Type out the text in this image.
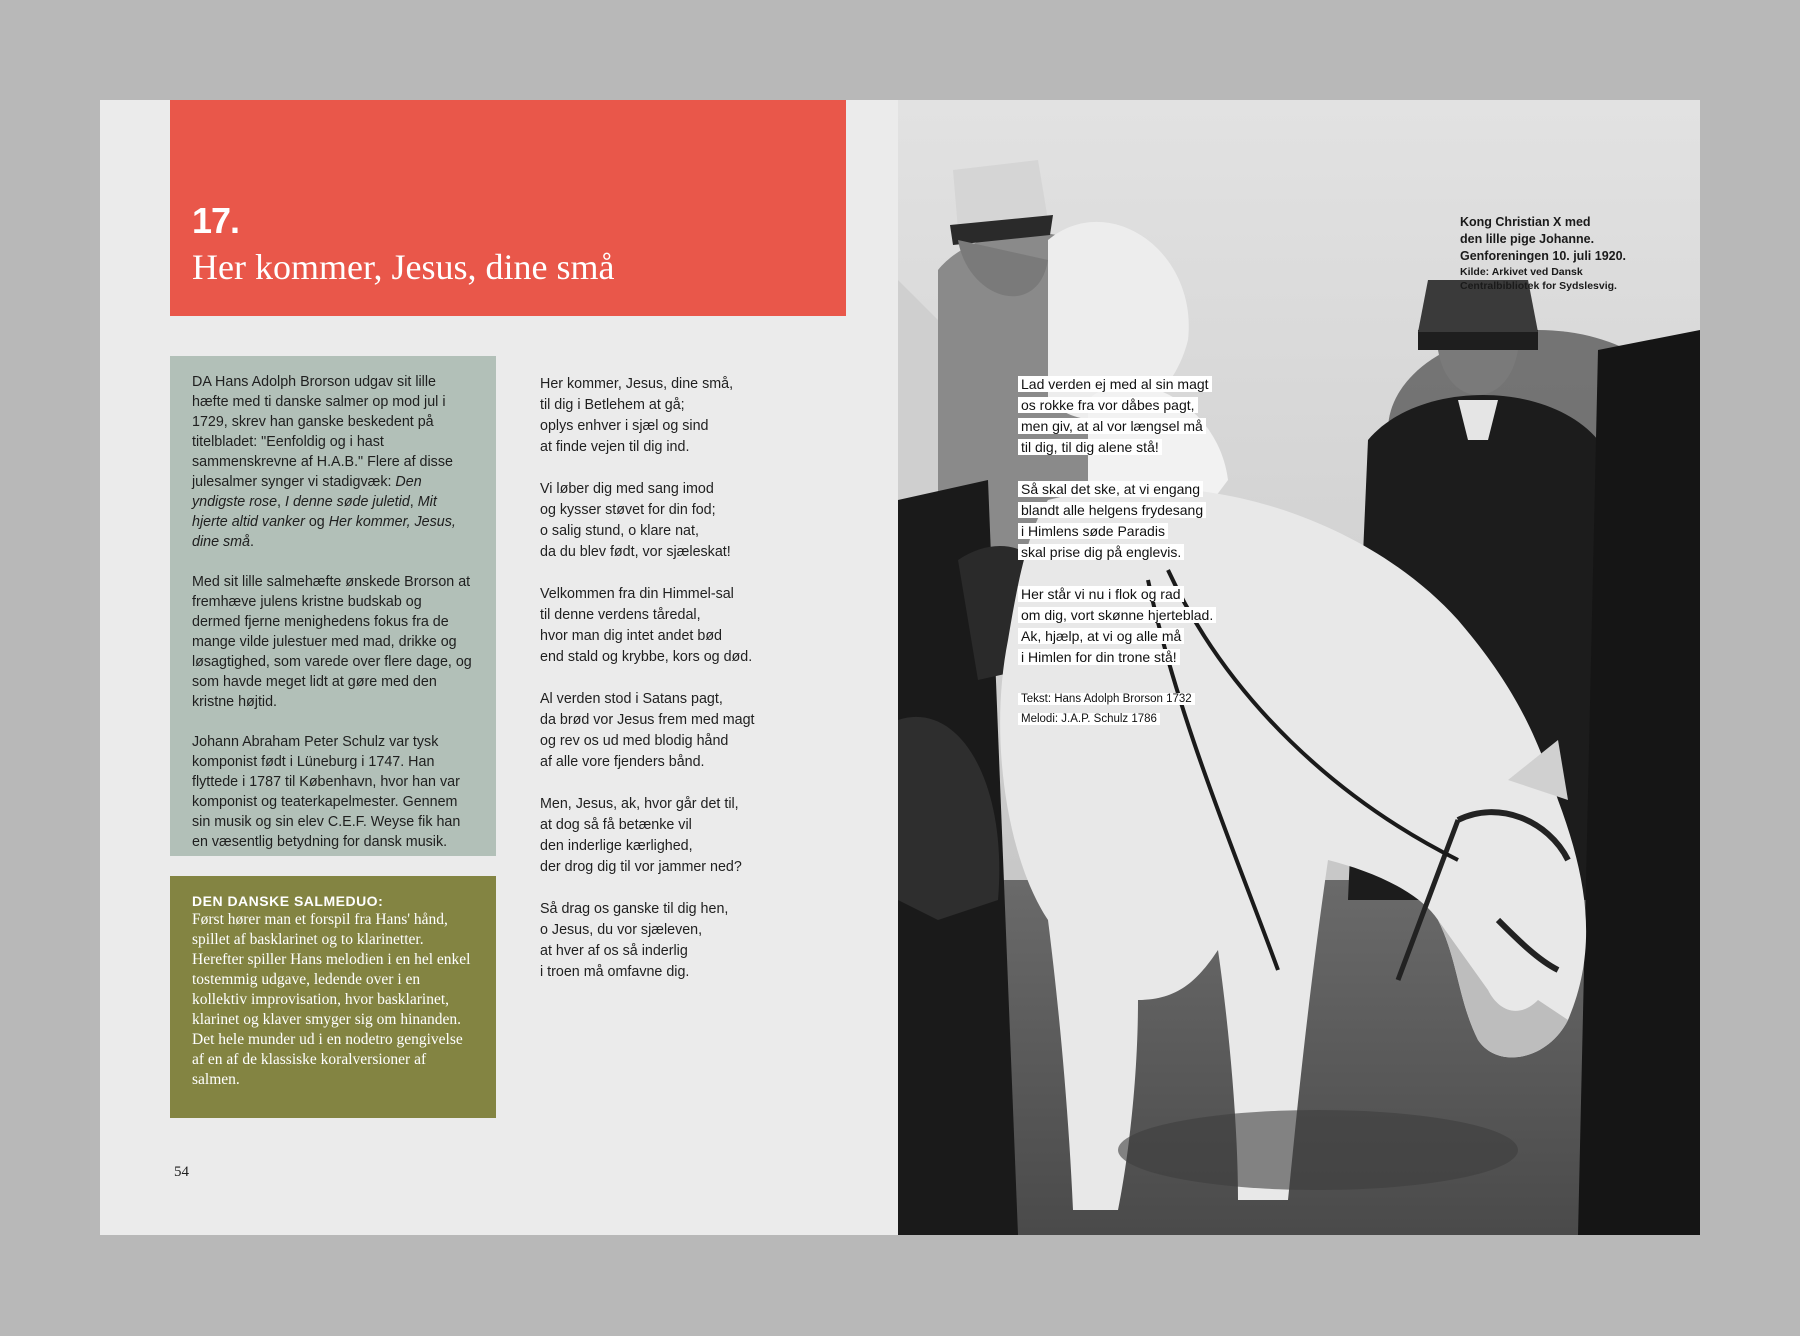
17.
Her kommer, Jesus, dine små

DA Hans Adolph Brorson udgav sit lille hæfte med ti danske salmer op mod jul i 1729, skrev han ganske beskedent på titelbladet: "Eenfoldig og i hast sammenskrevne af H.A.B." Flere af disse julesalmer synger vi stadigvæk: Den yndigste rose, I denne søde juletid, Mit hjerte altid vanker og Her kommer, Jesus, dine små.

Med sit lille salmehæfte ønskede Brorson at fremhæve julens kristne budskab og dermed fjerne menighedens fokus fra de mange vilde julestuer med mad, drikke og løsagtighed, som varede over flere dage, og som havde meget lidt at gøre med den kristne højtid.

Johann Abraham Peter Schulz var tysk komponist født i Lüneburg i 1747. Han flyttede i 1787 til København, hvor han var komponist og teaterkapelmester. Gennem sin musik og sin elev C.E.F. Weyse fik han en væsentlig betydning for dansk musik.

DEN DANSKE SALMEDUO:

Først hører man et forspil fra Hans' hånd, spillet af basklarinet og to klarinetter. Herefter spiller Hans melodien i en hel enkel tostemmig udgave, ledende over i en kollektiv improvisation, hvor basklarinet, klarinet og klaver smyger sig om hinanden. Det hele munder ud i en nodetro gengivelse af en af de klassiske koralversioner af salmen.

Her kommer, Jesus, dine små,
til dig i Betlehem at gå;
oplys enhver i sjæl og sind
at finde vejen til dig ind.
Vi løber dig med sang imod
og kysser støvet for din fod;
o salig stund, o klare nat,
da du blev født, vor sjæleskat!
Velkommen fra din Himmel-sal
til denne verdens tåredal,
hvor man dig intet andet bød
end stald og krybbe, kors og død.
Al verden stod i Satans pagt,
da brød vor Jesus frem med magt
og rev os ud med blodig hånd
af alle vore fjenders bånd.
Men, Jesus, ak, hvor går det til,
at dog så få betænke vil
den inderlige kærlighed,
der drog dig til vor jammer ned?
Så drag os ganske til dig hen,
o Jesus, du vor sjæleven,
at hver af os så inderlig
i troen må omfavne dig.
54
Kong Christian X med
den lille pige Johanne.
Genforeningen 10. juli 1920.
Kilde: Arkivet ved Dansk
Centralbibliotek for Sydslesvig.
Lad verden ej med al sin magt
os rokke fra vor dåbes pagt,
men giv, at al vor længsel må
til dig, til dig alene stå!
Så skal det ske, at vi engang
blandt alle helgens frydesang
i Himlens søde Paradis
skal prise dig på englevis.
Her står vi nu i flok og rad
om dig, vort skønne hjerteblad.
Ak, hjælp, at vi og alle må
i Himlen for din trone stå!
Tekst: Hans Adolph Brorson 1732
Melodi: J.A.P. Schulz 1786
